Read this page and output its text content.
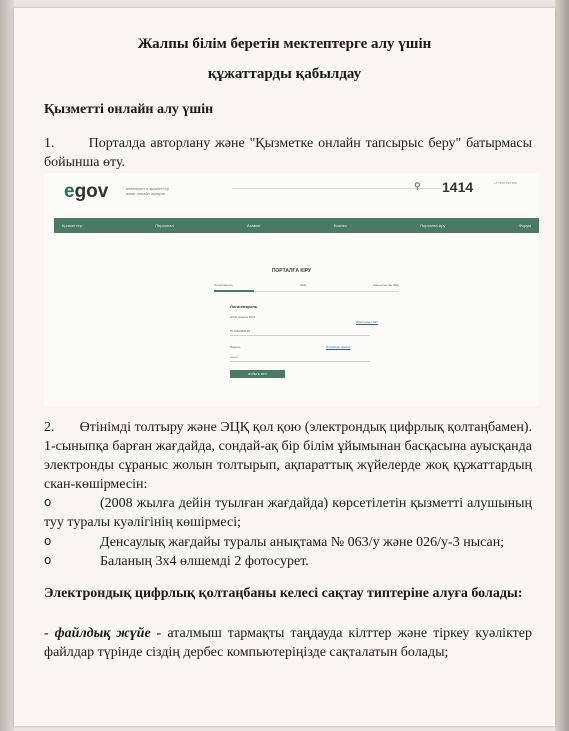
Жалпы білім беретін мектептерге алу үшін
құжаттарды қабылдау
Қызметті онлайн алу үшін
1. Порталда авторлану және "Қызметке онлайн тапсырыс беру" батырмасы бойынша өту.
egov	мемлекеттік қызметтер және онлайн ақпарат
⚲ 1414	+7 7172 701 999
Қызметтер	Персонал	Азамат	Бизнес	Порталға кіру	Форум
ПОРТАЛҒА КІРУ
Логин/пароль	ЭЦҚ	Қашықтықтан ЭЦҚ
Логин/пароль
ЖСН немесе БСН
871030450145
Ұмыттыңыз ба?
Пароль	Порталда тіркелу
••••••••
ЖҮЙЕГЕ КІРУ
2. Өтінімді толтыру және ЭЦҚ қол қою (электрондық цифрлық қолтаңбамен). 1-сыныпқа барған жағдайда, сондай-ақ бір білім ұйымынан басқасына ауысқанда электронды сұраныс жолын толтырып, ақпараттық жүйелерде жоқ құжаттардың скан-көшірмесін:
o	(2008 жылға дейін туылған жағдайда) көрсетілетін қызметті алушының туу туралы куәлігінің көшірмесі;
o	Денсаулық жағдайы туралы анықтама № 063/у және 026/у-3 нысан;
o	Баланың 3х4 өлшемді 2 фотосурет.
Электрондық цифрлық қолтаңбаны келесі сақтау типтеріне алуға болады:
- файлдық жүйе - аталмыш тармақты таңдауда кілттер және тіркеу куәліктер файлдар түрінде сіздің дербес компьютеріңізде сақталатын болады;
